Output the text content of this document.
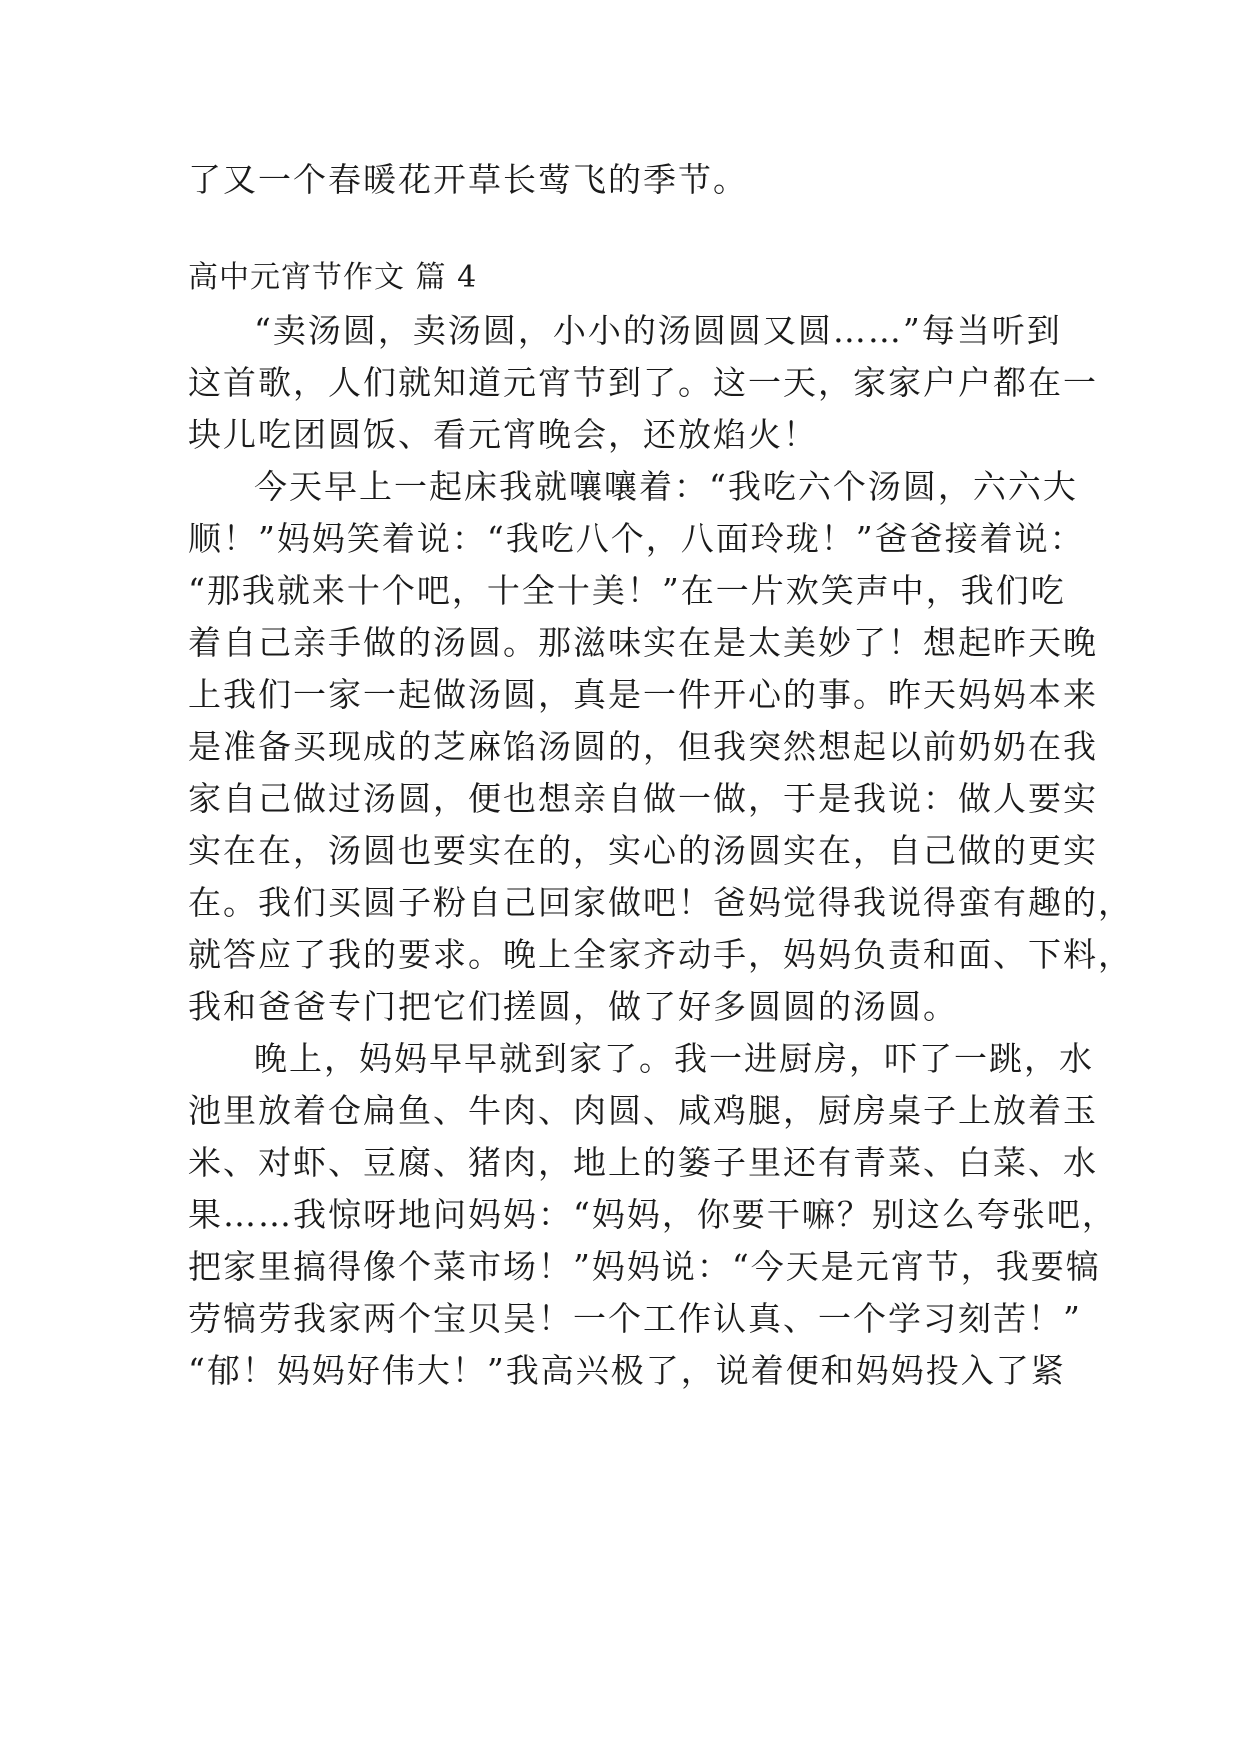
了又一个春暖花开草长莺飞的季节。
高中元宵节作文 篇 4
“卖汤圆，卖汤圆，小小的汤圆圆又圆……”每当听到
这首歌，人们就知道元宵节到了。这一天，家家户户都在一
块儿吃团圆饭、看元宵晚会，还放焰火！
今天早上一起床我就嚷嚷着：“我吃六个汤圆，六六大
顺！”妈妈笑着说：“我吃八个，八面玲珑！”爸爸接着说：
“那我就来十个吧，十全十美！”在一片欢笑声中，我们吃
着自己亲手做的汤圆。那滋味实在是太美妙了！想起昨天晚
上我们一家一起做汤圆，真是一件开心的事。昨天妈妈本来
是准备买现成的芝麻馅汤圆的，但我突然想起以前奶奶在我
家自己做过汤圆，便也想亲自做一做，于是我说：做人要实
实在在，汤圆也要实在的，实心的汤圆实在，自己做的更实
在。我们买圆子粉自己回家做吧！爸妈觉得我说得蛮有趣的，
就答应了我的要求。晚上全家齐动手，妈妈负责和面、下料，
我和爸爸专门把它们搓圆，做了好多圆圆的汤圆。
晚上，妈妈早早就到家了。我一进厨房，吓了一跳，水
池里放着仓扁鱼、牛肉、肉圆、咸鸡腿，厨房桌子上放着玉
米、对虾、豆腐、猪肉，地上的篓子里还有青菜、白菜、水
果……我惊呀地问妈妈：“妈妈，你要干嘛？别这么夸张吧，
把家里搞得像个菜市场！”妈妈说：“今天是元宵节，我要犒
劳犒劳我家两个宝贝吴！一个工作认真、一个学习刻苦！”
“郁！妈妈好伟大！”我高兴极了，说着便和妈妈投入了紧
